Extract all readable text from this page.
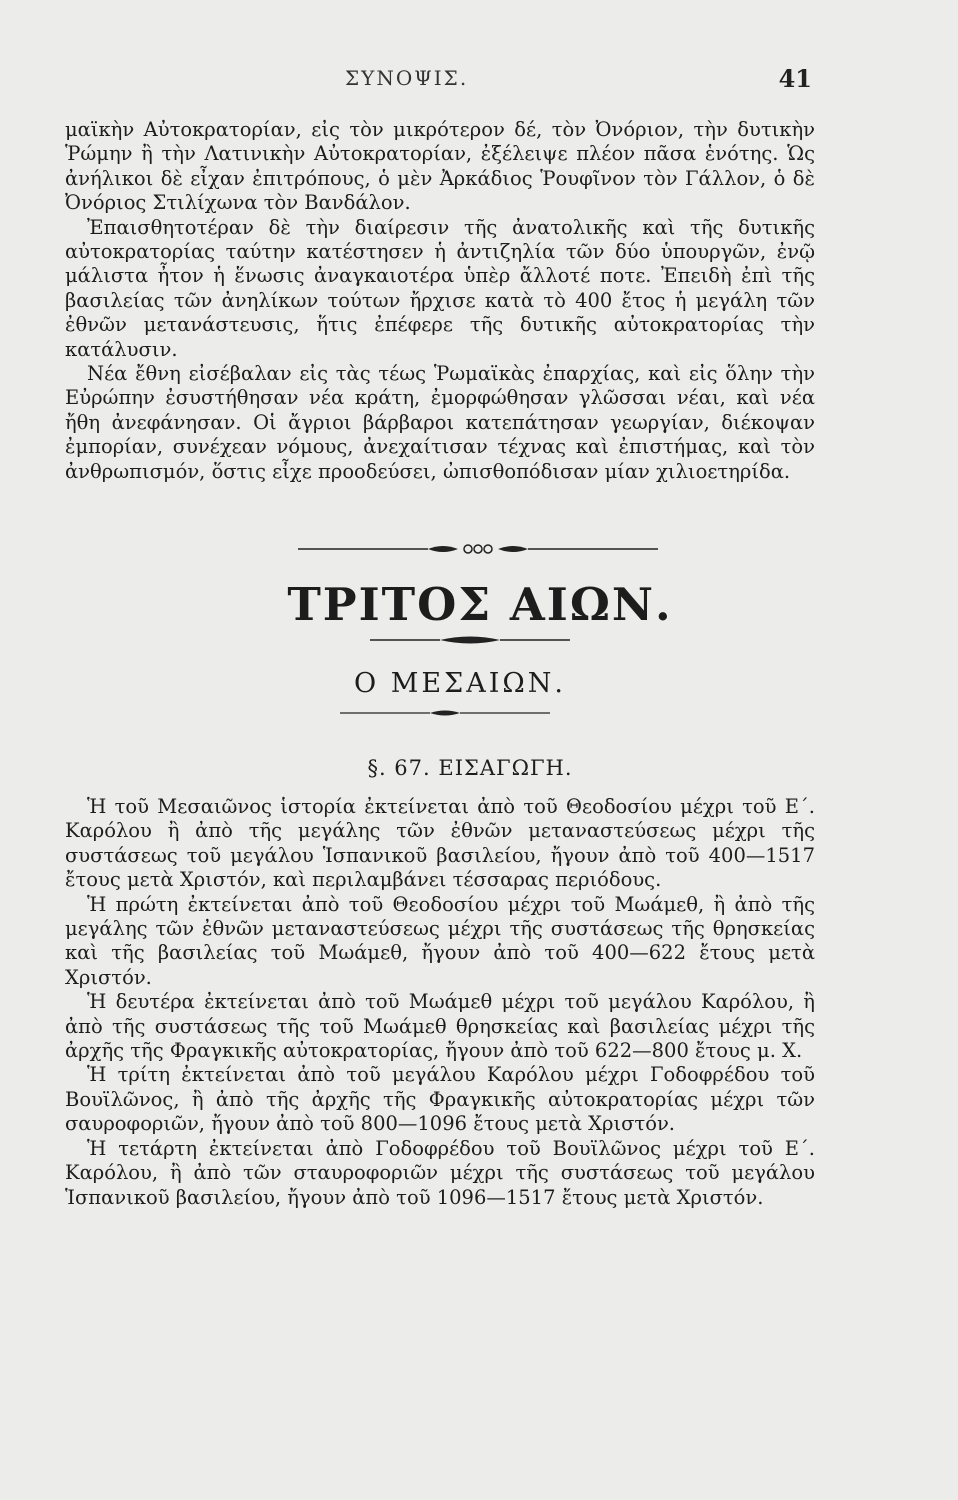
ΣΥΝΟΨΙΣ.	41

μαϊκὴν Αὐτοκρατορίαν, εἰς τὸν μικρότερον δέ, τὸν Ὀνόριον, τὴν δυτικὴν Ῥώμην ἢ τὴν Λατινικὴν Αὐτοκρατορίαν, ἐξέλειψε πλέον πᾶσα ἑνότης. Ὡς ἀνήλικοι δὲ εἶχαν ἐπιτρόπους, ὁ μὲν Ἀρκάδιος Ῥουφῖνον τὸν Γάλλον, ὁ δὲ Ὀνόριος Στιλίχωνα τὸν Βανδάλον.

Ἐπαισθητοτέραν δὲ τὴν διαίρεσιν τῆς ἀνατολικῆς καὶ τῆς δυτικῆς αὐτοκρατορίας ταύτην κατέστησεν ἡ ἀντιζηλία τῶν δύο ὑπουργῶν, ἐνῷ μάλιστα ἦτον ἡ ἕνωσις ἀναγκαιοτέρα ὑπὲρ ἄλλοτέ ποτε. Ἐπειδὴ ἐπὶ τῆς βασιλείας τῶν ἀνηλίκων τούτων ἤρχισε κατὰ τὸ 400 ἔτος ἡ μεγάλη τῶν ἐθνῶν μετανάστευσις, ἥτις ἐπέφερε τῆς δυτικῆς αὐτοκρατορίας τὴν κατάλυσιν.

Νέα ἔθνη εἰσέβαλαν εἰς τὰς τέως Ῥωμαϊκὰς ἐπαρχίας, καὶ εἰς ὅλην τὴν Εὐρώπην ἐσυστήθησαν νέα κράτη, ἐμορφώθησαν γλῶσσαι νέαι, καὶ νέα ἤθη ἀνεφάνησαν. Οἱ ἄγριοι βάρβαροι κατεπάτησαν γεωργίαν, διέκοψαν ἐμπορίαν, συνέχεαν νόμους, ἀνεχαίτισαν τέχνας καὶ ἐπιστήμας, καὶ τὸν ἀνθρωπισμόν, ὅστις εἶχε προοδεύσει, ὠπισθοπόδισαν μίαν χιλιοετηρίδα.

ΤΡΙΤΟΣ ΑΙΩΝ.
Ο ΜΕΣΑΙΩΝ.
§. 67. ΕΙΣΑΓΩΓΗ.

Ἡ τοῦ Μεσαιῶνος ἱστορία ἐκτείνεται ἀπὸ τοῦ Θεοδοσίου μέχρι τοῦ Ε΄. Καρόλου ἢ ἀπὸ τῆς μεγάλης τῶν ἐθνῶν μεταναστεύσεως μέχρι τῆς συστάσεως τοῦ μεγάλου Ἱσπανικοῦ βασιλείου, ἤγουν ἀπὸ τοῦ 400—1517 ἔτους μετὰ Χριστόν, καὶ περιλαμβάνει τέσσαρας περιόδους.

Ἡ πρώτη ἐκτείνεται ἀπὸ τοῦ Θεοδοσίου μέχρι τοῦ Μωάμεθ, ἢ ἀπὸ τῆς μεγάλης τῶν ἐθνῶν μεταναστεύσεως μέχρι τῆς συστάσεως τῆς θρησκείας καὶ τῆς βασιλείας τοῦ Μωάμεθ, ἤγουν ἀπὸ τοῦ 400—622 ἔτους μετὰ Χριστόν.

Ἡ δευτέρα ἐκτείνεται ἀπὸ τοῦ Μωάμεθ μέχρι τοῦ μεγάλου Καρόλου, ἢ ἀπὸ τῆς συστάσεως τῆς τοῦ Μωάμεθ θρησκείας καὶ βασιλείας μέχρι τῆς ἀρχῆς τῆς Φραγκικῆς αὐτοκρατορίας, ἤγουν ἀπὸ τοῦ 622—800 ἔτους μ. Χ.

Ἡ τρίτη ἐκτείνεται ἀπὸ τοῦ μεγάλου Καρόλου μέχρι Γοδοφρέδου τοῦ Βουϊλῶνος, ἢ ἀπὸ τῆς ἀρχῆς τῆς Φραγκικῆς αὐτοκρατορίας μέχρι τῶν σαυροφοριῶν, ἤγουν ἀπὸ τοῦ 800—1096 ἔτους μετὰ Χριστόν.

Ἡ τετάρτη ἐκτείνεται ἀπὸ Γοδοφρέδου τοῦ Βουϊλῶνος μέχρι τοῦ Ε΄. Καρόλου, ἢ ἀπὸ τῶν σταυροφοριῶν μέχρι τῆς συστάσεως τοῦ μεγάλου Ἱσπανικοῦ βασιλείου, ἤγουν ἀπὸ τοῦ 1096—1517 ἔτους μετὰ Χριστόν.
